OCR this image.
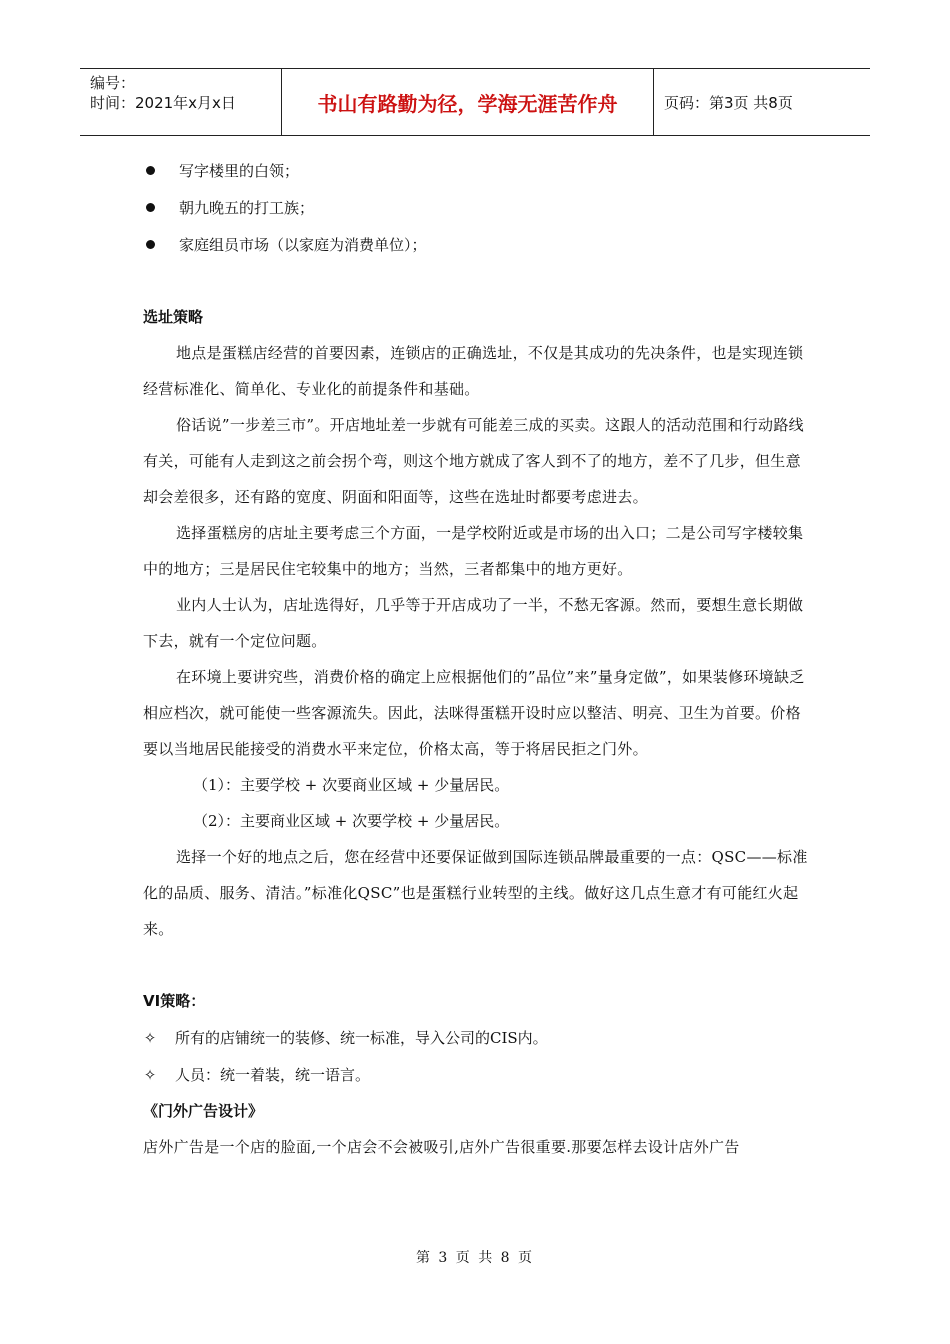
编号：
时间：2021年x月x日	书山有路勤为径，学海无涯苦作舟	页码：第3页 共8页
写字楼里的白领；
朝九晚五的打工族；
家庭组员市场（以家庭为消费单位）；
选址策略

地点是蛋糕店经营的首要因素，连锁店的正确选址，不仅是其成功的先决条件，也是实现连锁经营标准化、简单化、专业化的前提条件和基础。

俗话说”一步差三市”。开店地址差一步就有可能差三成的买卖。这跟人的活动范围和行动路线有关，可能有人走到这之前会拐个弯，则这个地方就成了客人到不了的地方，差不了几步，但生意却会差很多，还有路的宽度、阴面和阳面等，这些在选址时都要考虑进去。

选择蛋糕房的店址主要考虑三个方面，一是学校附近或是市场的出入口；二是公司写字楼较集中的地方；三是居民住宅较集中的地方；当然，三者都集中的地方更好。

业内人士认为，店址选得好，几乎等于开店成功了一半，不愁无客源。然而，要想生意长期做下去，就有一个定位问题。

在环境上要讲究些，消费价格的确定上应根据他们的”品位”来”量身定做”，如果装修环境缺乏相应档次，就可能使一些客源流失。因此，法咪得蛋糕开设时应以整洁、明亮、卫生为首要。价格要以当地居民能接受的消费水平来定位，价格太高，等于将居民拒之门外。

（1）：主要学校 + 次要商业区域 + 少量居民。
（2）：主要商业区域 + 次要学校 + 少量居民。

选择一个好的地点之后，您在经营中还要保证做到国际连锁品牌最重要的一点：QSC——标准化的品质、服务、清洁。”标准化QSC”也是蛋糕行业转型的主线。做好这几点生意才有可能红火起来。

VI策略：
✧ 所有的店铺统一的装修、统一标准，导入公司的CIS内。
✧ 人员：统一着装，统一语言。
《门外广告设计》

店外广告是一个店的脸面,一个店会不会被吸引,店外广告很重要.那要怎样去设计店外广告

第 3 页 共 8 页
